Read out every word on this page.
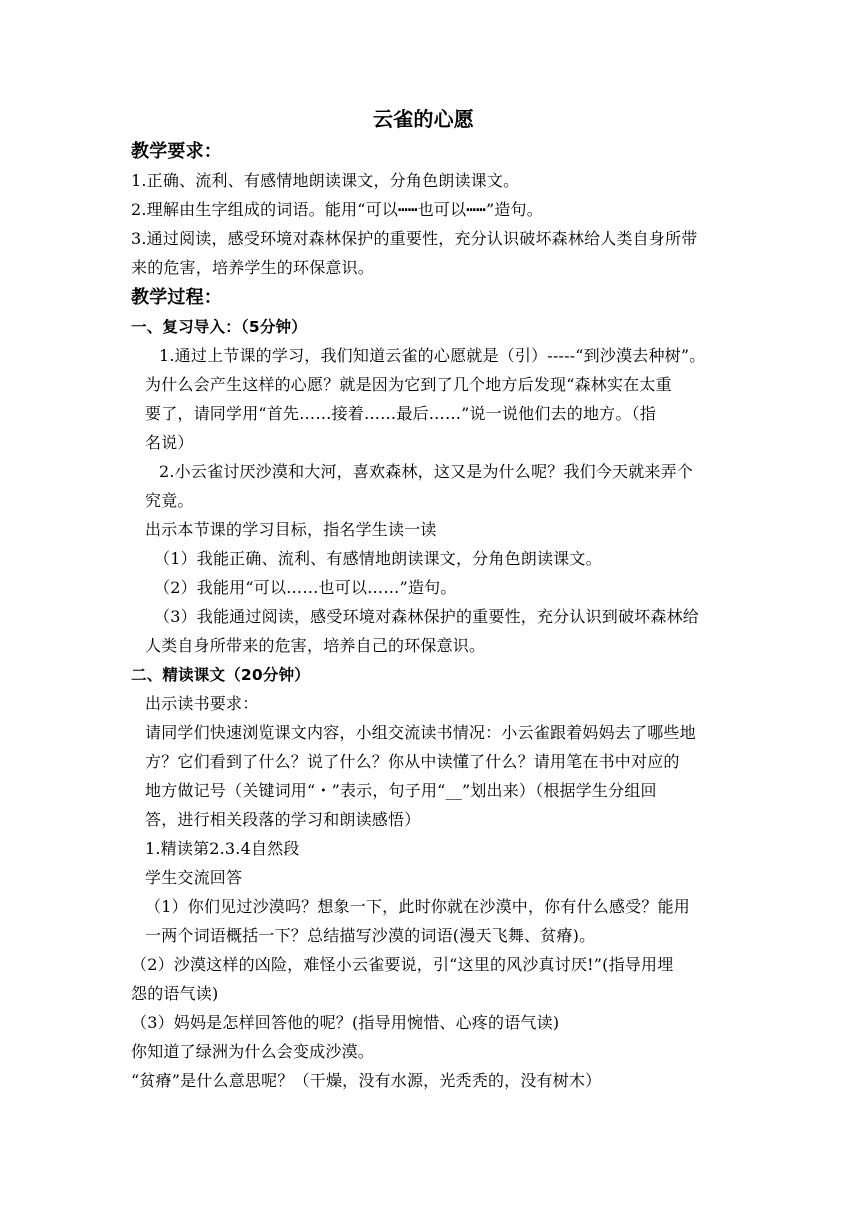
云雀的心愿
教学要求：
1.正确、流利、有感情地朗读课文，分角色朗读课文。
2.理解由生字组成的词语。能用“可以┅┅也可以┅┅”造句。
3.通过阅读，感受环境对森林保护的重要性，充分认识破坏森林给人类自身所带
来的危害，培养学生的环保意识。
教学过程：
一、复习导入：（5分钟）
1.通过上节课的学习，我们知道云雀的心愿就是（引）-----“到沙漠去种树”。
为什么会产生这样的心愿？就是因为它到了几个地方后发现“森林实在太重
要了，请同学用“首先……接着……最后……”说一说他们去的地方。（指
名说）
2.小云雀讨厌沙漠和大河，喜欢森林，这又是为什么呢？我们今天就来弄个
究竟。
出示本节课的学习目标，指名学生读一读
（1）我能正确、流利、有感情地朗读课文，分角色朗读课文。
（2）我能用“可以……也可以……”造句。
（3）我能通过阅读，感受环境对森林保护的重要性，充分认识到破坏森林给
人类自身所带来的危害，培养自己的环保意识。
二、精读课文（20分钟）
出示读书要求：
请同学们快速浏览课文内容，小组交流读书情况：小云雀跟着妈妈去了哪些地
方？它们看到了什么？说了什么？你从中读懂了什么？请用笔在书中对应的
地方做记号（关键词用“・”表示，句子用“__”划出来）（根据学生分组回
答，进行相关段落的学习和朗读感悟）
1.精读第2.3.4自然段
学生交流回答
（1）你们见过沙漠吗？想象一下，此时你就在沙漠中，你有什么感受？能用
一两个词语概括一下？总结描写沙漠的词语(漫天飞舞、贫瘠)。
（2）沙漠这样的凶险，难怪小云雀要说，引“这里的风沙真讨厌!”(指导用埋
怨的语气读)
（3）妈妈是怎样回答他的呢？(指导用惋惜、心疼的语气读)
你知道了绿洲为什么会变成沙漠。
“贫瘠”是什么意思呢？（干燥，没有水源，光秃秃的，没有树木）
